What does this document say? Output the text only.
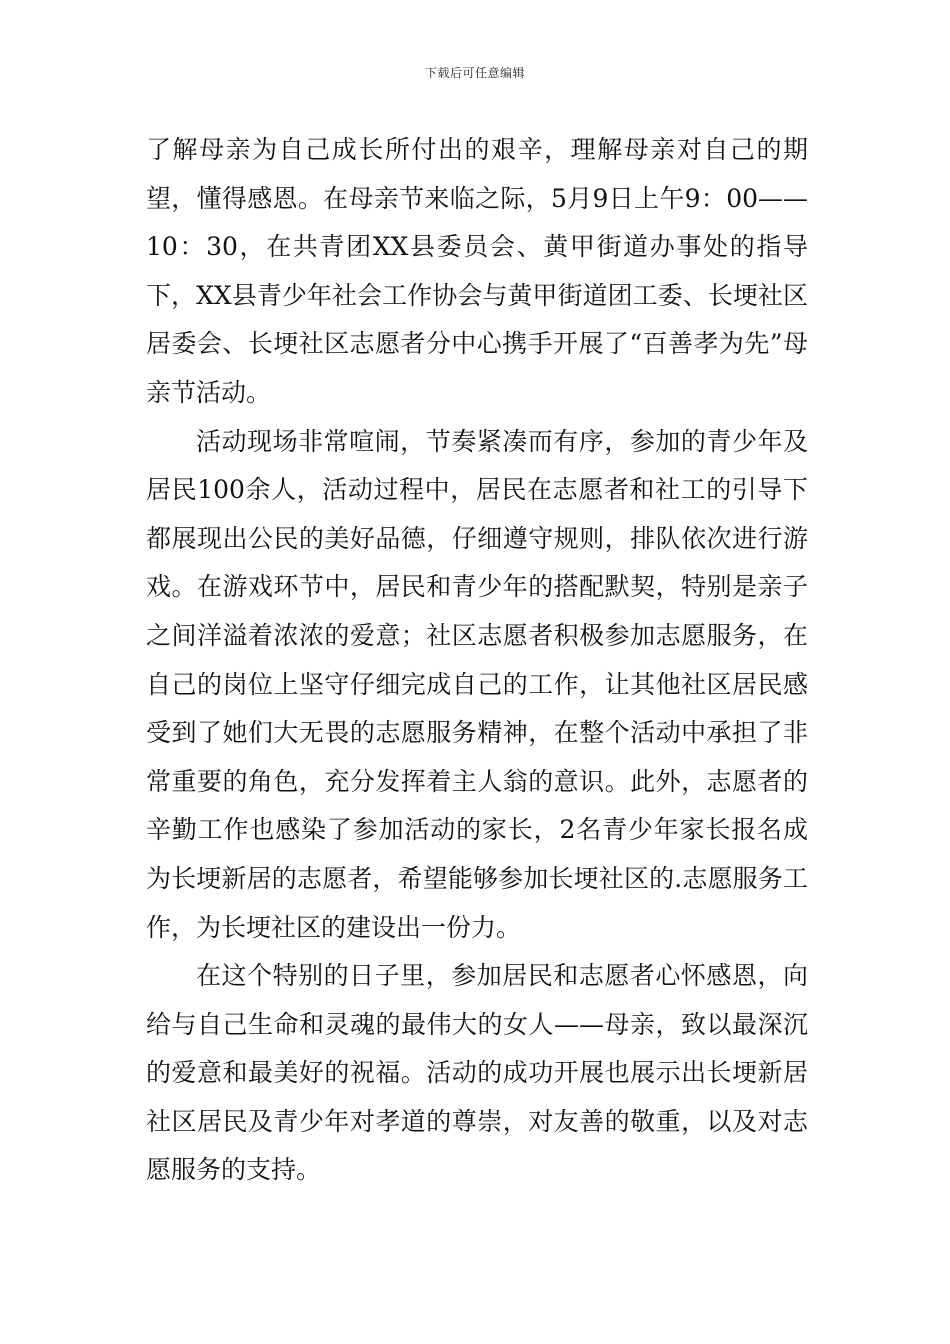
下载后可任意编辑

了解母亲为自己成长所付出的艰辛，理解母亲对自己的期望，懂得感恩。在母亲节来临之际，5月9日上午9：00——10：30，在共青团XX县委员会、黄甲街道办事处的指导下，XX县青少年社会工作协会与黄甲街道团工委、长埂社区居委会、长埂社区志愿者分中心携手开展了“百善孝为先”母亲节活动。

活动现场非常喧闹，节奏紧凑而有序，参加的青少年及居民100余人，活动过程中，居民在志愿者和社工的引导下都展现出公民的美好品德，仔细遵守规则，排队依次进行游戏。在游戏环节中，居民和青少年的搭配默契，特别是亲子之间洋溢着浓浓的爱意；社区志愿者积极参加志愿服务，在自己的岗位上坚守仔细完成自己的工作，让其他社区居民感受到了她们大无畏的志愿服务精神，在整个活动中承担了非常重要的角色，充分发挥着主人翁的意识。此外，志愿者的辛勤工作也感染了参加活动的家长，2名青少年家长报名成为长埂新居的志愿者，希望能够参加长埂社区的.志愿服务工作，为长埂社区的建设出一份力。

在这个特别的日子里，参加居民和志愿者心怀感恩，向给与自己生命和灵魂的最伟大的女人——母亲，致以最深沉的爱意和最美好的祝福。活动的成功开展也展示出长埂新居社区居民及青少年对孝道的尊崇，对友善的敬重，以及对志愿服务的支持。
